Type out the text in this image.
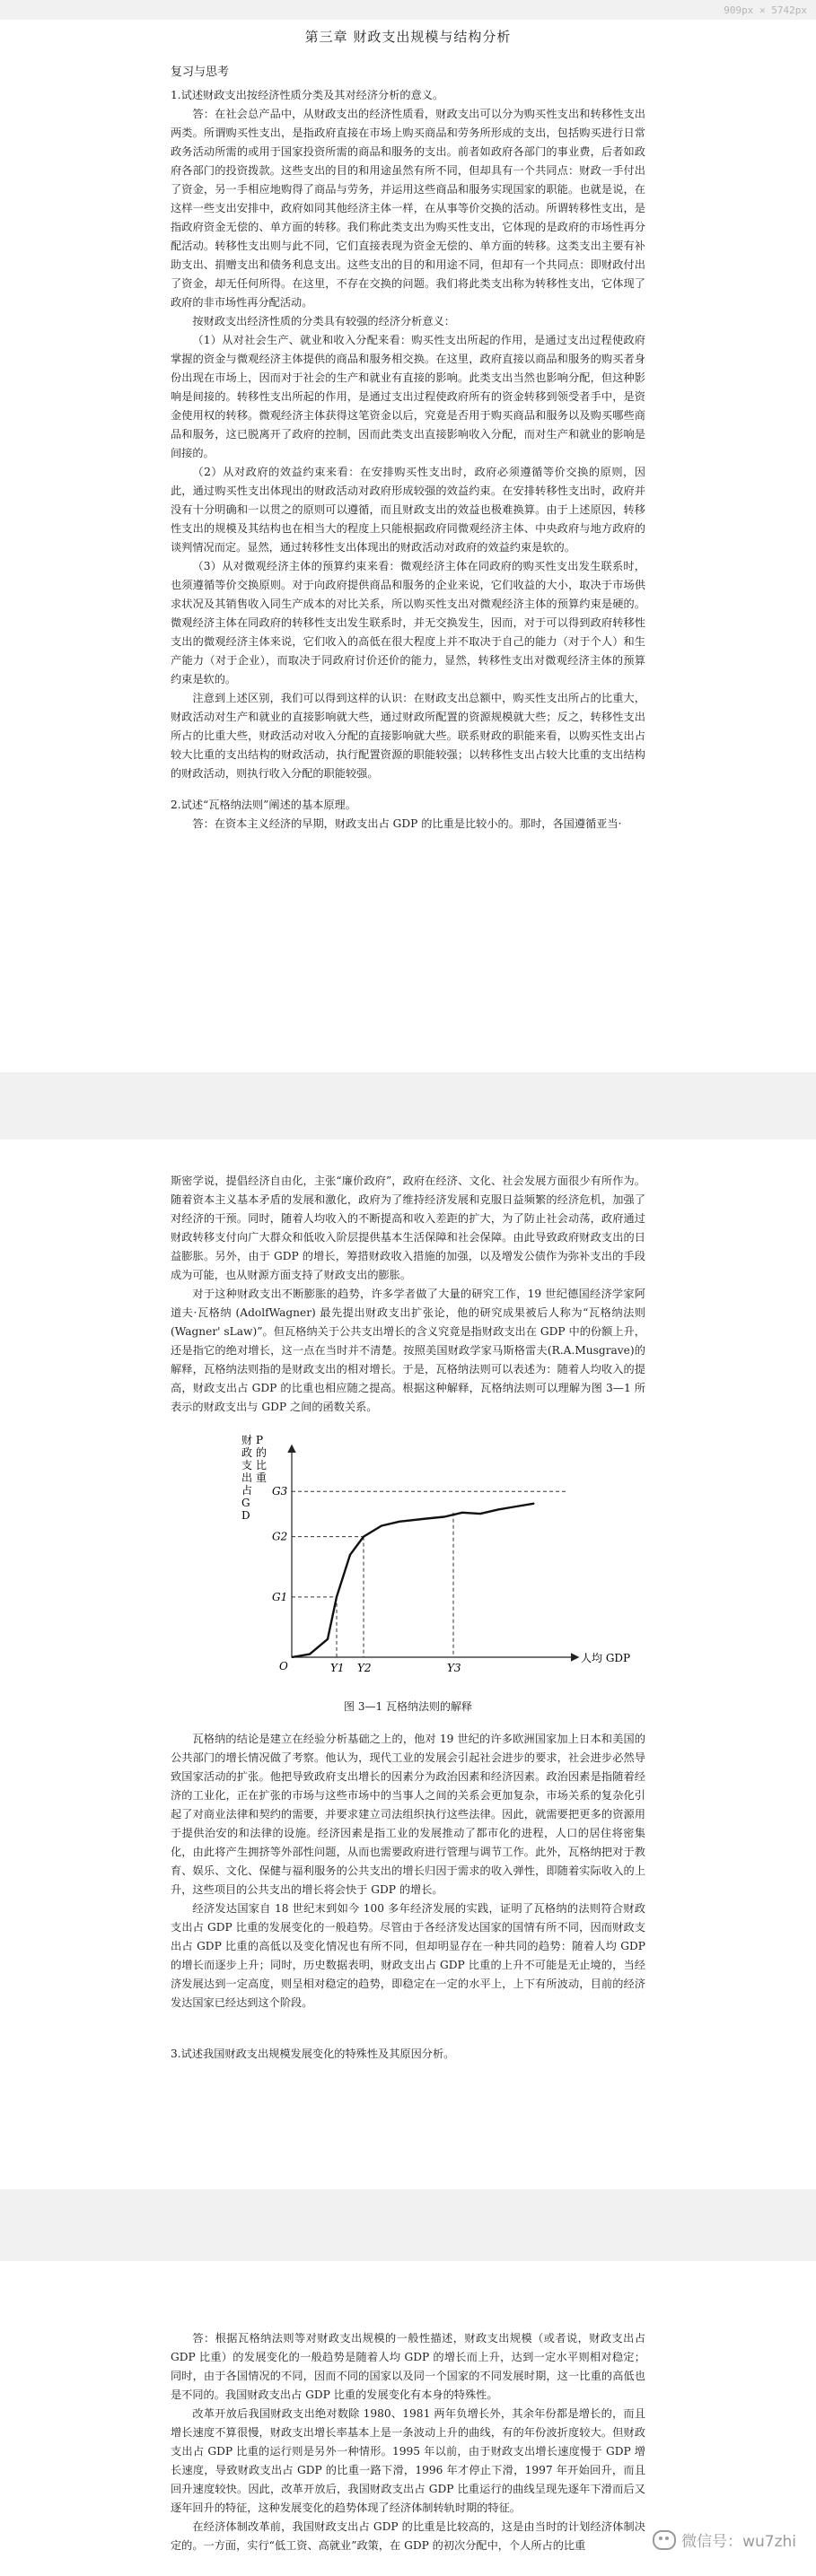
909px × 5742px
第三章 财政支出规模与结构分析
复习与思考

1.试述财政支出按经济性质分类及其对经济分析的意义。

答：在社会总产品中，从财政支出的经济性质看，财政支出可以分为购买性支出和转移性支出两类。所谓购买性支出，是指政府直接在市场上购买商品和劳务所形成的支出，包括购买进行日常政务活动所需的或用于国家投资所需的商品和服务的支出。前者如政府各部门的事业费，后者如政府各部门的投资拨款。这些支出的目的和用途虽然有所不同，但却具有一个共同点：财政一手付出了资金，另一手相应地购得了商品与劳务，并运用这些商品和服务实现国家的职能。也就是说，在这样一些支出安排中，政府如同其他经济主体一样，在从事等价交换的活动。所谓转移性支出，是指政府资金无偿的、单方面的转移。我们称此类支出为购买性支出，它体现的是政府的市场性再分配活动。转移性支出则与此不同，它们直接表现为资金无偿的、单方面的转移。这类支出主要有补助支出、捐赠支出和债务利息支出。这些支出的目的和用途不同，但却有一个共同点：即财政付出了资金，却无任何所得。在这里，不存在交换的问题。我们将此类支出称为转移性支出，它体现了政府的非市场性再分配活动。

按财政支出经济性质的分类具有较强的经济分析意义：

（1）从对社会生产、就业和收入分配来看：购买性支出所起的作用，是通过支出过程使政府掌握的资金与微观经济主体提供的商品和服务相交换。在这里，政府直接以商品和服务的购买者身份出现在市场上，因而对于社会的生产和就业有直接的影响。此类支出当然也影响分配，但这种影响是间接的。转移性支出所起的作用，是通过支出过程使政府所有的资金转移到领受者手中，是资金使用权的转移。微观经济主体获得这笔资金以后，究竟是否用于购买商品和服务以及购买哪些商品和服务，这已脱离开了政府的控制，因而此类支出直接影响收入分配，而对生产和就业的影响是间接的。

（2）从对政府的效益约束来看：在安排购买性支出时，政府必须遵循等价交换的原则，因此，通过购买性支出体现出的财政活动对政府形成较强的效益约束。在安排转移性支出时，政府并没有十分明确和一以贯之的原则可以遵循，而且财政支出的效益也极难换算。由于上述原因，转移性支出的规模及其结构也在相当大的程度上只能根据政府同微观经济主体、中央政府与地方政府的谈判情况而定。显然，通过转移性支出体现出的财政活动对政府的效益约束是软的。

（3）从对微观经济主体的预算约束来看：微观经济主体在同政府的购买性支出发生联系时，也须遵循等价交换原则。对于向政府提供商品和服务的企业来说，它们收益的大小，取决于市场供求状况及其销售收入同生产成本的对比关系，所以购买性支出对微观经济主体的预算约束是硬的。微观经济主体在同政府的转移性支出发生联系时，并无交换发生，因而，对于可以得到政府转移性支出的微观经济主体来说，它们收入的高低在很大程度上并不取决于自己的能力（对于个人）和生产能力（对于企业），而取决于同政府讨价还价的能力，显然，转移性支出对微观经济主体的预算约束是软的。

注意到上述区别，我们可以得到这样的认识：在财政支出总额中，购买性支出所占的比重大，财政活动对生产和就业的直接影响就大些，通过财政所配置的资源规模就大些；反之，转移性支出所占的比重大些，财政活动对收入分配的直接影响就大些。联系财政的职能来看，以购买性支出占较大比重的支出结构的财政活动，执行配置资源的职能较强；以转移性支出占较大比重的支出结构的财政活动，则执行收入分配的职能较强。

2.试述“瓦格纳法则”阐述的基本原理。

答：在资本主义经济的早期，财政支出占 GDP 的比重是比较小的。那时，各国遵循亚当·

斯密学说，提倡经济自由化，主张“廉价政府”，政府在经济、文化、社会发展方面很少有所作为。随着资本主义基本矛盾的发展和激化，政府为了维持经济发展和克服日益频繁的经济危机，加强了对经济的干预。同时，随着人均收入的不断提高和收入差距的扩大，为了防止社会动荡，政府通过财政转移支付向广大群众和低收入阶层提供基本生活保障和社会保障。由此导致政府财政支出的日益膨胀。另外，由于 GDP 的增长，筹措财政收入措施的加强，以及增发公债作为弥补支出的手段成为可能，也从财源方面支持了财政支出的膨胀。

对于这种财政支出不断膨胀的趋势，许多学者做了大量的研究工作，19 世纪德国经济学家阿道夫·瓦格纳 (AdolfWagner) 最先提出财政支出扩张论，他的研究成果被后人称为“瓦格纳法则(Wagner' sLaw)”。但瓦格纳关于公共支出增长的含义究竟是指财政支出在 GDP 中的份额上升，还是指它的绝对增长，这一点在当时并不清楚。按照美国财政学家马斯格雷夫(R.A.Musgrave)的解释，瓦格纳法则指的是财政支出的相对增长。于是，瓦格纳法则可以表述为：随着人均收入的提高，财政支出占 GDP 的比重也相应随之提高。根据这种解释，瓦格纳法则可以理解为图 3—1 所表示的财政支出与 GDP 之间的函数关系。

财
政
支
出
占
G
D
P
的
比
重
人均 GDP
O
G1
G2
G3
Y1 Y2	Y3
图 3—1 瓦格纳法则的解释

瓦格纳的结论是建立在经验分析基础之上的，他对 19 世纪的许多欧洲国家加上日本和美国的公共部门的增长情况做了考察。他认为，现代工业的发展会引起社会进步的要求，社会进步必然导致国家活动的扩张。他把导致政府支出增长的因素分为政治因素和经济因素。政治因素是指随着经济的工业化，正在扩张的市场与这些市场中的当事人之间的关系会更加复杂，市场关系的复杂化引起了对商业法律和契约的需要，并要求建立司法组织执行这些法律。因此，就需要把更多的资源用于提供治安的和法律的设施。经济因素是指工业的发展推动了都市化的进程，人口的居住将密集化，由此将产生拥挤等外部性问题，从而也需要政府进行管理与调节工作。此外，瓦格纳把对于教育、娱乐、文化、保健与福利服务的公共支出的增长归因于需求的收入弹性，即随着实际收入的上升，这些项目的公共支出的增长将会快于 GDP 的增长。

经济发达国家自 18 世纪末到如今 100 多年经济发展的实践，证明了瓦格纳的法则符合财政支出占 GDP 比重的发展变化的一般趋势。尽管由于各经济发达国家的国情有所不同，因而财政支出占 GDP 比重的高低以及变化情况也有所不同，但却明显存在一种共同的趋势：随着人均 GDP 的增长而逐步上升；同时，历史数据表明，财政支出占 GDP 比重的上升不可能是无止境的，当经济发展达到一定高度，则呈相对稳定的趋势，即稳定在一定的水平上，上下有所波动，目前的经济发达国家已经达到这个阶段。

3.试述我国财政支出规模发展变化的特殊性及其原因分析。

答：根据瓦格纳法则等对财政支出规模的一般性描述，财政支出规模（或者说，财政支出占 GDP 比重）的发展变化的一般趋势是随着人均 GDP 的增长而上升，达到一定水平则相对稳定；同时，由于各国情况的不同，因而不同的国家以及同一个国家的不同发展时期，这一比重的高低也是不同的。我国财政支出占 GDP 比重的发展变化有本身的特殊性。

改革开放后我国财政支出绝对数除 1980、1981 两年负增长外，其余年份都是增长的，而且增长速度不算很慢，财政支出增长率基本上是一条波动上升的曲线，有的年份波折度较大。但财政支出占 GDP 比重的运行则是另外一种情形。1995 年以前，由于财政支出增长速度慢于 GDP 增长速度，导致财政支出占 GDP 的比重一路下滑，1996 年才停止下滑，1997 年开始回升，而且回升速度较快。因此，改革开放后，我国财政支出占 GDP 比重运行的曲线呈现先逐年下滑而后又逐年回升的特征，这种发展变化的趋势体现了经济体制转轨时期的特征。

在经济体制改革前，我国财政支出占 GDP 的比重是比较高的，这是由当时的计划经济体制决定的。一方面，实行“低工资、高就业”政策，在 GDP 的初次分配中，个人所占的比重	微信号：wu7zhi
